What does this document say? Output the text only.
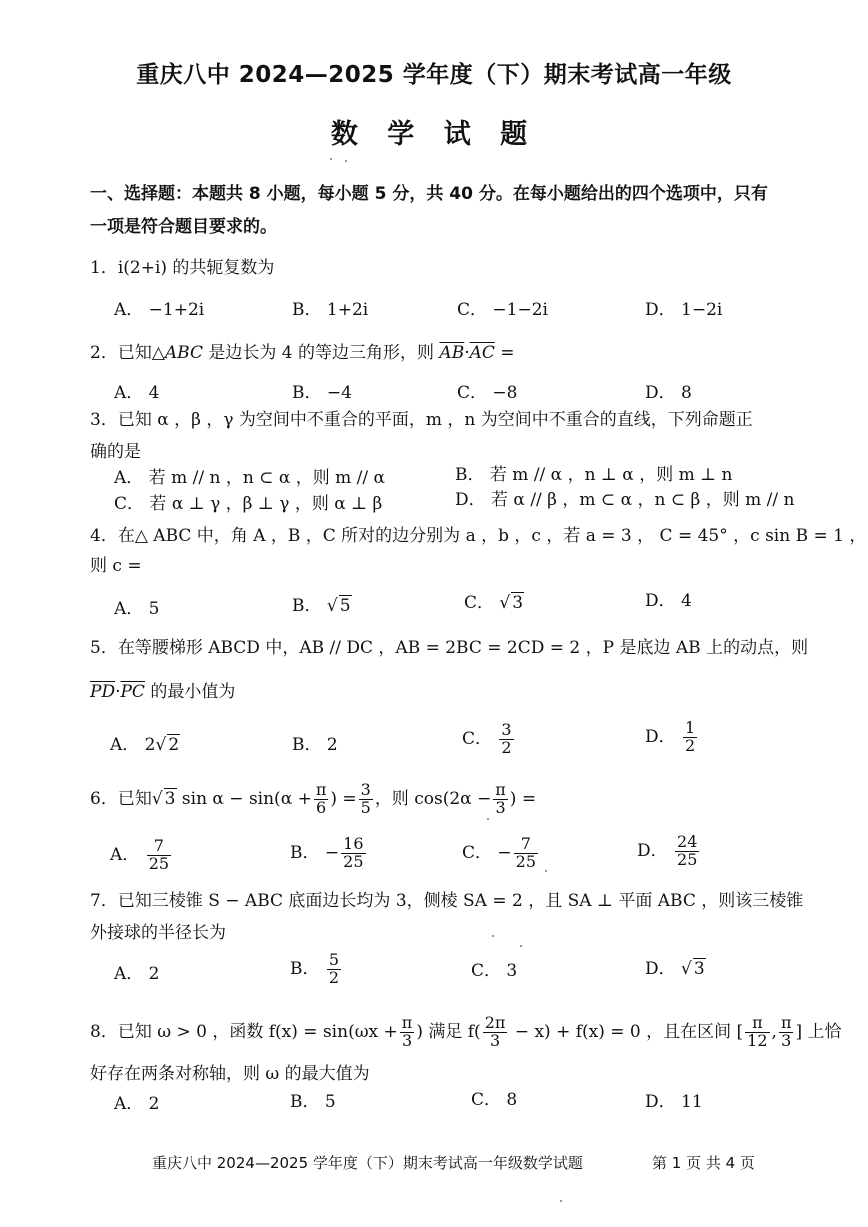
重庆八中 2024—2025 学年度（下）期末考试高一年级
数 学 试 题
一、选择题：本题共 8 小题，每小题 5 分，共 40 分。在每小题给出的四个选项中，只有
一项是符合题目要求的。
1．i(2+i) 的共轭复数为
A． −1+2i	B． 1+2i	C． −1−2i	D． 1−2i
2．已知△ABC 是边长为 4 的等边三角形，则 $\overline{AB}\cdot\overline{AC}$ =
A． 4	B． −4	C． −8	D． 8
3．已知 α ，β ，γ 为空间中不重合的平面，m ，n 为空间中不重合的直线，下列命题正
确的是
A． 若 m // n ，n ⊂ α ，则 m // α	B． 若 m // α ，n ⊥ α ，则 m ⊥ n
C． 若 α ⊥ γ ，β ⊥ γ ，则 α ⊥ β	D． 若 α // β ，m ⊂ α ，n ⊂ β ，则 m // n
4．在△ ABC 中，角 A ，B ，C 所对的边分别为 a ，b ，c ，若 a = 3 ， C = 45° ，c sin B = 1 ，
则 c =
A． 5	B． √ 5	C． √ 3	D． 4
5．在等腰梯形 ABCD 中，AB // DC ，AB = 2BC = 2CD = 2 ，P 是底边 AB 上的动点，则
$\overline{PD}\cdot\overline{PC}$ 的最小值为
A． 2√ 2	B． 2	C． $\frac{3}{2}$	D． $\frac{1}{2}$
6．已知√ 3 $\sin \alpha - \sin(\alpha + \frac{\pi}{6}$ ) = $\frac{3}{5}$ ，则 $\cos(2\alpha - \frac{\pi}{3}$ ) =
A． $\frac{7}{25}$	B． − $\frac{16}{25}$	C． − $\frac{7}{25}$	D． $\frac{24}{25}$
7．已知三棱锥 S − ABC 底面边长均为 3，侧棱 SA = 2 ，且 SA ⊥ 平面 ABC ，则该三棱锥
外接球的半径长为
A． 2	B． $\frac{5}{2}$	C． 3	D． √ 3
8．已知 ω > 0 ，函数 $f(x) = \sin(\omega x + \frac{\pi}{3}$ ) 满足 $f( \frac{2\pi}{3} - x) + f(x) = 0$ ，且在区间 [ $\frac{\pi}{12}$ , $\frac{\pi}{3}$ ] 上恰
好存在两条对称轴，则 ω 的最大值为
A． 2	B． 5	C． 8	D． 11
重庆八中 2024—2025 学年度（下）期末考试高一年级数学试题	第 1 页 共 4 页
